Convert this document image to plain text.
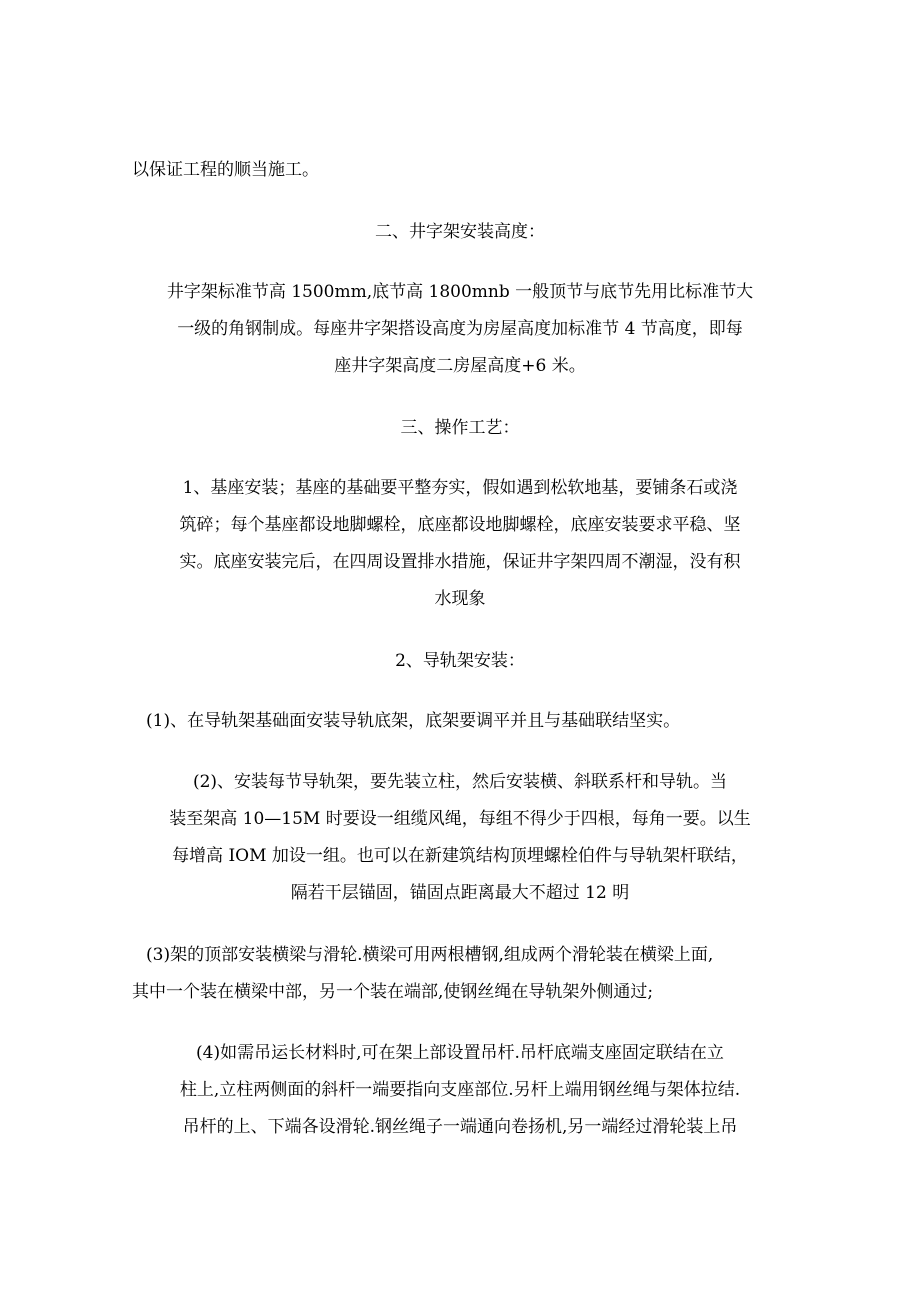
以保证工程的顺当施工。
二、井字架安装高度：
井字架标准节高 1500mm,底节高 1800mnb 一般顶节与底节先用比标准节大
一级的角钢制成。每座井字架搭设高度为房屋高度加标准节 4 节高度，即每
座井字架高度二房屋高度+6 米。
三、操作工艺：
1、基座安装；基座的基础要平整夯实，假如遇到松软地基，要铺条石或浇
筑碎；每个基座都设地脚螺栓，底座都设地脚螺栓，底座安装要求平稳、坚
实。底座安装完后，在四周设置排水措施，保证井字架四周不潮湿，没有积
水现象
2、导轨架安装：
(1)、在导轨架基础面安装导轨底架，底架要调平并且与基础联结坚实。
(2)、安装每节导轨架，要先装立柱，然后安装横、斜联系杆和导轨。当
装至架高 10—15M 时要设一组缆风绳，每组不得少于四根，每角一要。以生
每增高 IOM 加设一组。也可以在新建筑结构顶埋螺栓伯件与导轨架杆联结，
隔若干层锚固，锚固点距离最大不超过 12 明
(3)架的顶部安装横梁与滑轮.横梁可用两根槽钢,组成两个滑轮装在横梁上面,
其中一个装在横梁中部，另一个装在端部,使钢丝绳在导轨架外侧通过;
(4)如需吊运长材料时,可在架上部设置吊杆.吊杆底端支座固定联结在立
柱上,立柱两侧面的斜杆一端要指向支座部位.另杆上端用钢丝绳与架体拉结.
吊杆的上、下端各设滑轮.钢丝绳子一端通向卷扬机,另一端经过滑轮装上吊
